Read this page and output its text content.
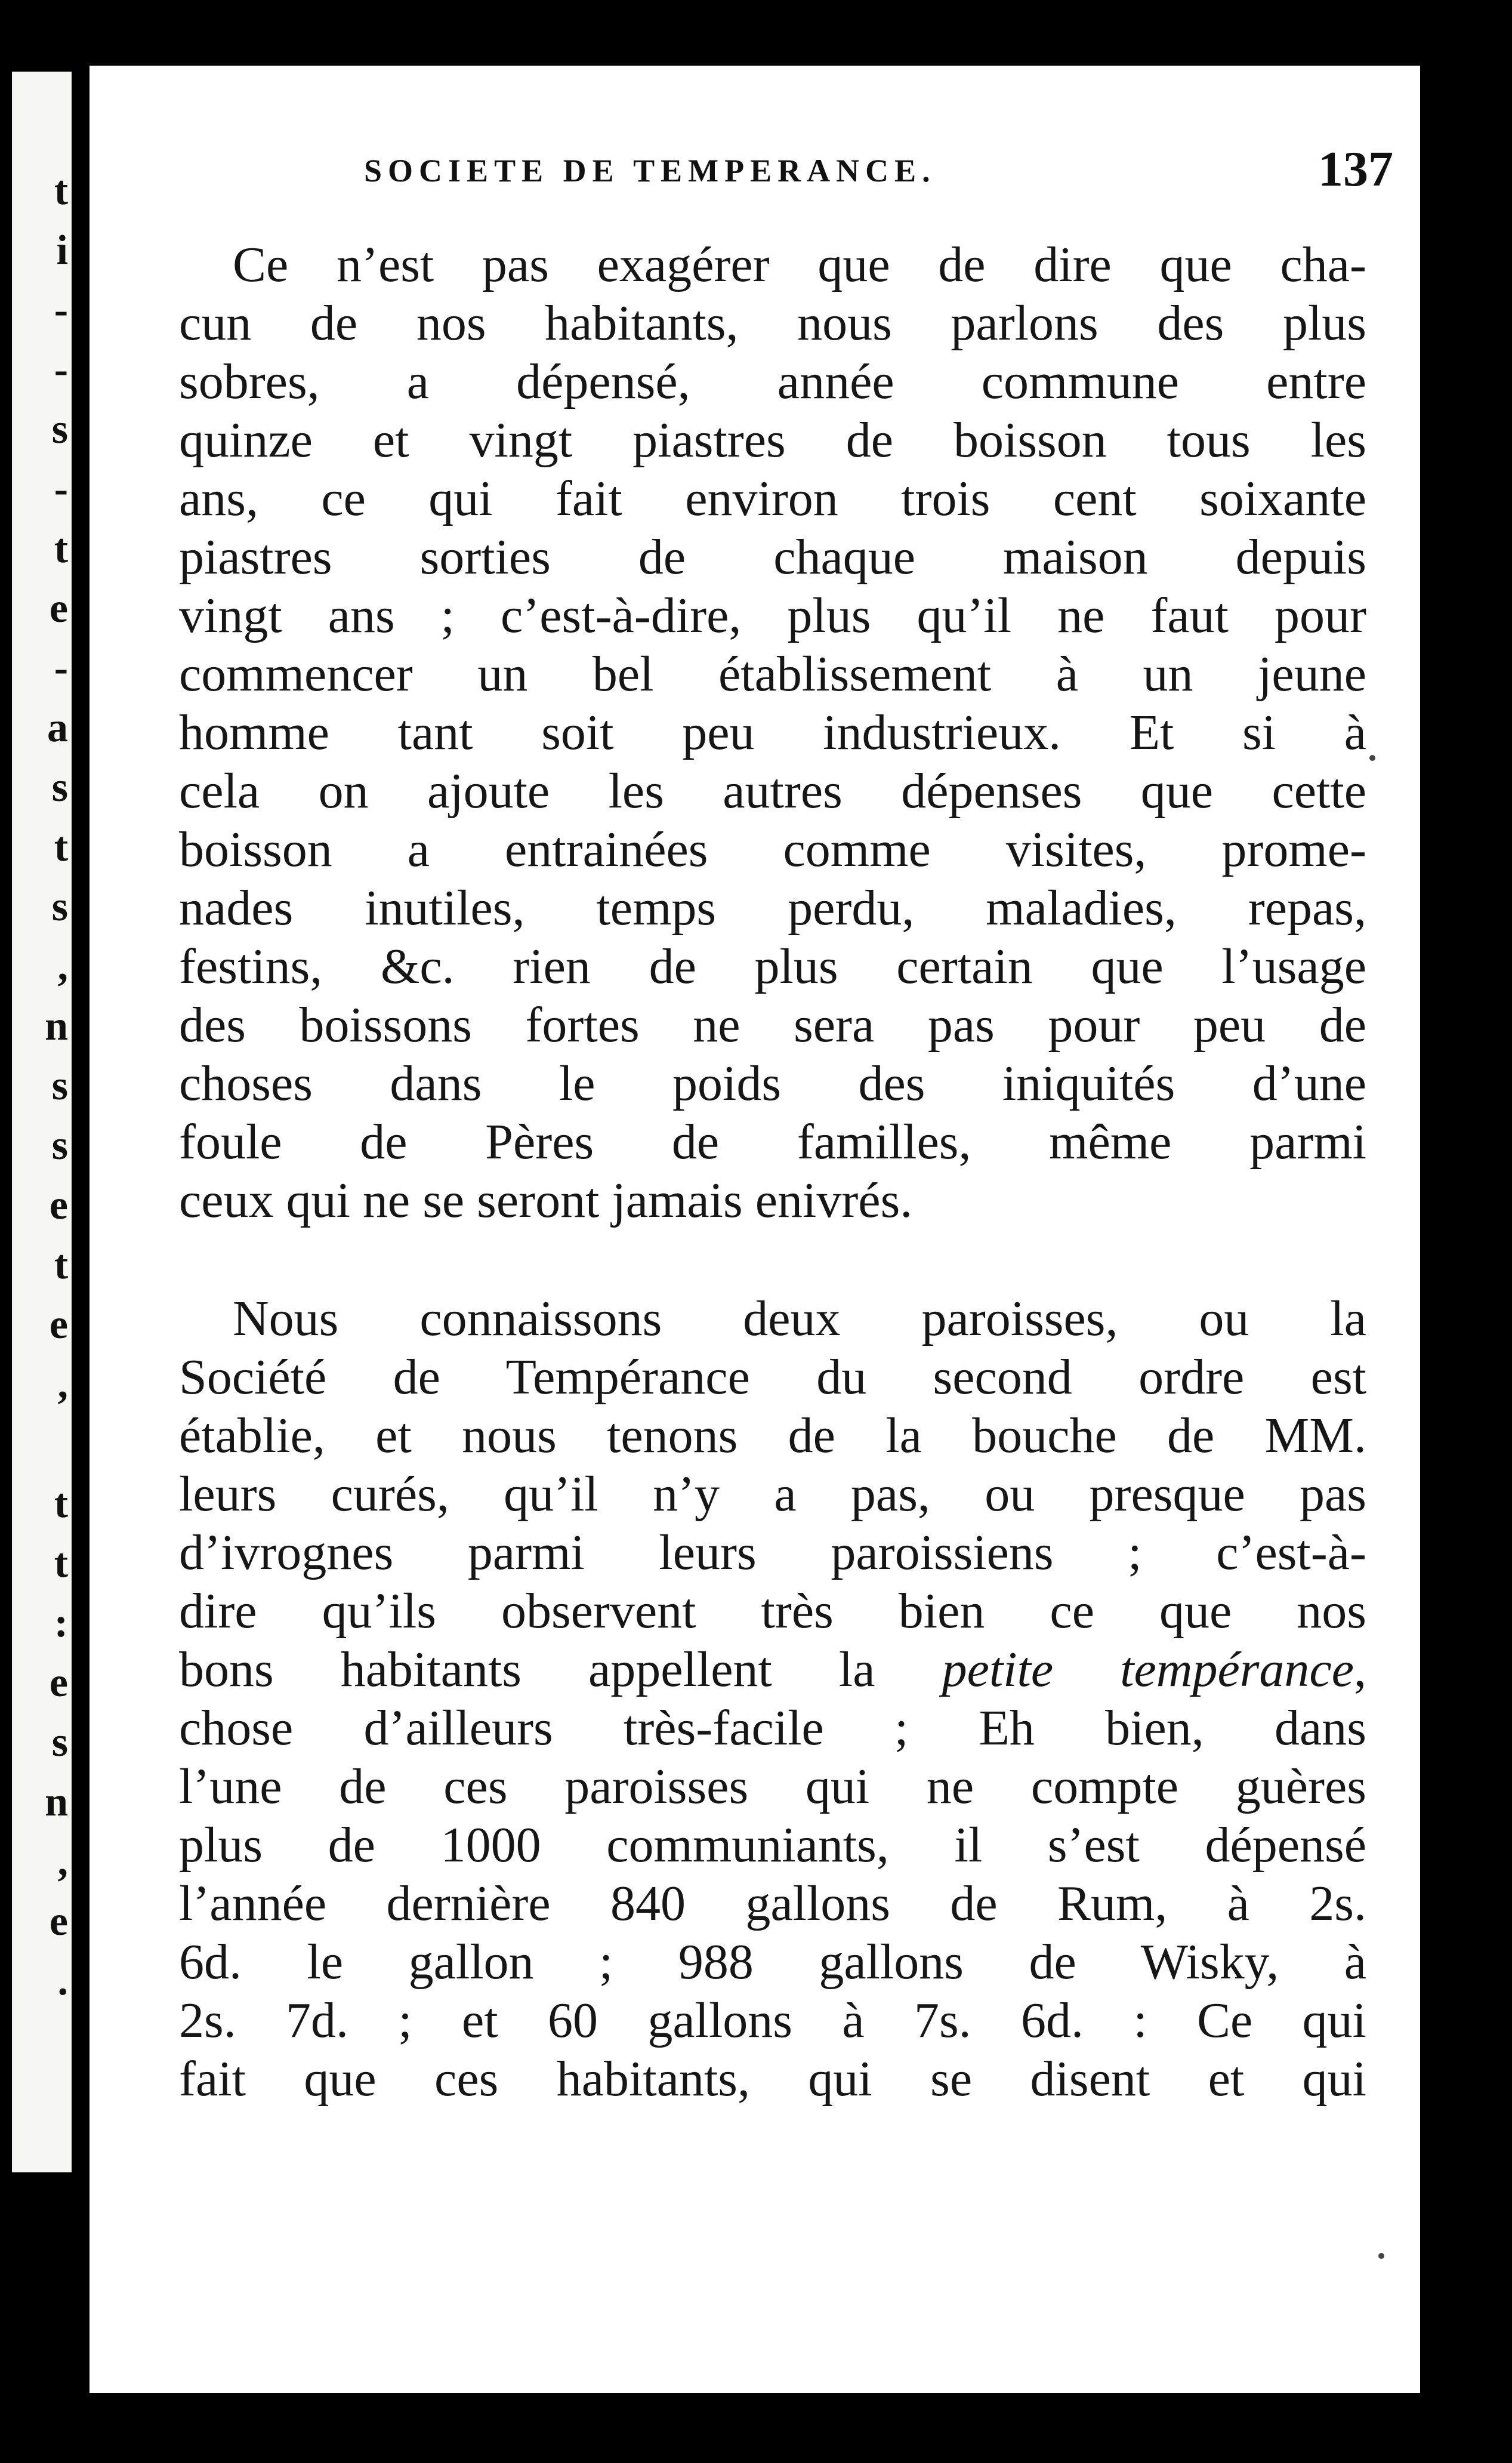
t
i
-
-
s
-
t
e
-
a
s
t
s
,
n
s
s
e
t
e
,
t
t
:
e
s
n
,
e
.
SOCIETE DE TEMPERANCE.	137
Ce n’est pas exagérer que de dire que cha-
cun de nos habitants, nous parlons des plus
sobres, a dépensé, année commune entre
quinze et vingt piastres de boisson tous les
ans, ce qui fait environ trois cent soixante
piastres sorties de chaque maison depuis
vingt ans ; c’est-à-dire, plus qu’il ne faut pour
commencer un bel établissement à un jeune
homme tant soit peu industrieux. Et si à
cela on ajoute les autres dépenses que cette
boisson a entrainées comme visites, prome-
nades inutiles, temps perdu, maladies, repas,
festins, &c. rien de plus certain que l’usage
des boissons fortes ne sera pas pour peu de
choses dans le poids des iniquités d’une
foule de Pères de familles, même parmi
ceux qui ne se seront jamais enivrés.
Nous connaissons deux paroisses, ou la
Société de Tempérance du second ordre est
établie, et nous tenons de la bouche de MM.
leurs curés, qu’il n’y a pas, ou presque pas
d’ivrognes parmi leurs paroissiens ; c’est-à-
dire qu’ils observent très bien ce que nos
bons habitants appellent la petite tempérance,
chose d’ailleurs très-facile ; Eh bien, dans
l’une de ces paroisses qui ne compte guères
plus de 1000 communiants, il s’est dépensé
l’année dernière 840 gallons de Rum, à 2s.
6d. le gallon ; 988 gallons de Wisky, à
2s. 7d. ; et 60 gallons à 7s. 6d. : Ce qui
fait que ces habitants, qui se disent et qui
